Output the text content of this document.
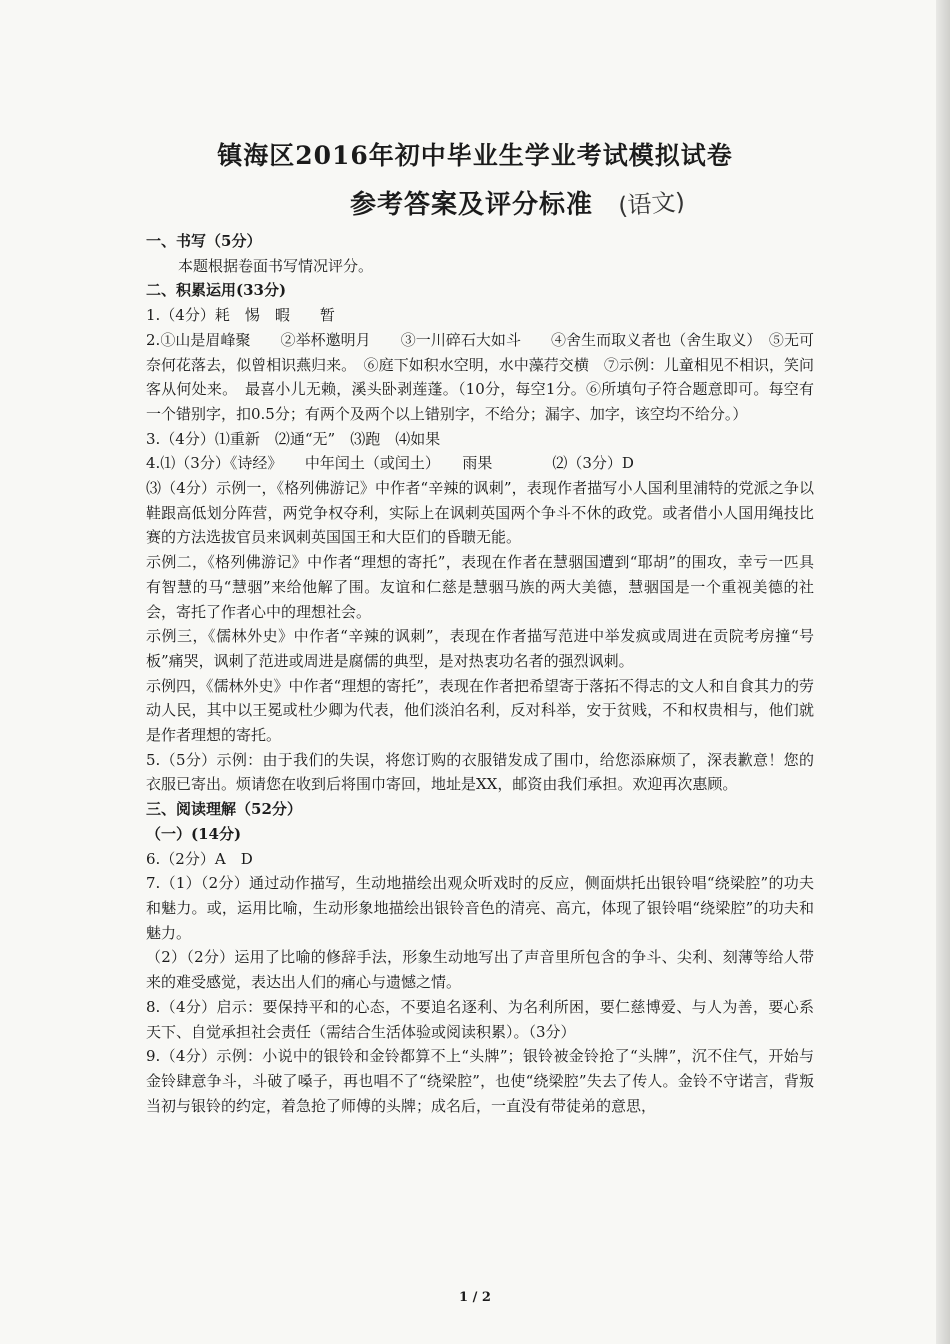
镇海区2016年初中毕业生学业考试模拟试卷
参考答案及评分标准 (语文)

一、书写（5分）

本题根据卷面书写情况评分。

二、积累运用(33分)

1.（4分）耗　惕　暇　　暂

2.①山是眉峰聚　　②举杯邀明月　　③一川碎石大如斗　　④舍生而取义者也（舍生取义）　⑤无可奈何花落去，似曾相识燕归来。　⑥庭下如积水空明，水中藻荇交横　⑦示例：儿童相见不相识，笑问客从何处来。　最喜小儿无赖，溪头卧剥莲蓬。（10分，每空1分。⑥所填句子符合题意即可。每空有一个错别字，扣0.5分；有两个及两个以上错别字，不给分；漏字、加字，该空均不给分。）

3.（4分）⑴重新　⑵通“无”　⑶跑　⑷如果

4.⑴（3分）《诗经》　　中年闰土（或闰土）　　雨果　　　　⑵（3分）D

⑶（4分）示例一，《格列佛游记》中作者“辛辣的讽刺”，表现作者描写小人国利里浦特的党派之争以鞋跟高低划分阵营，两党争权夺利，实际上在讽刺英国两个争斗不休的政党。或者借小人国用绳技比赛的方法选拔官员来讽刺英国国王和大臣们的昏聩无能。

示例二，《格列佛游记》中作者“理想的寄托”，表现在作者在慧骃国遭到“耶胡”的围攻，幸亏一匹具有智慧的马“慧骃”来给他解了围。友谊和仁慈是慧骃马族的两大美德，慧骃国是一个重视美德的社会，寄托了作者心中的理想社会。

示例三，《儒林外史》中作者“辛辣的讽刺”，表现在作者描写范进中举发疯或周进在贡院考房撞“号板”痛哭，讽刺了范进或周进是腐儒的典型，是对热衷功名者的强烈讽刺。

示例四，《儒林外史》中作者“理想的寄托”，表现在作者把希望寄于落拓不得志的文人和自食其力的劳动人民，其中以王冕或杜少卿为代表，他们淡泊名利，反对科举，安于贫贱，不和权贵相与，他们就是作者理想的寄托。

5.（5分）示例：由于我们的失误，将您订购的衣服错发成了围巾，给您添麻烦了，深表歉意！您的衣服已寄出。烦请您在收到后将围巾寄回，地址是XX，邮资由我们承担。欢迎再次惠顾。

三、阅读理解（52分）

（一）(14分)

6.（2分）A　D

7.（1）（2分）通过动作描写，生动地描绘出观众听戏时的反应，侧面烘托出银铃唱“绕梁腔”的功夫和魅力。或，运用比喻，生动形象地描绘出银铃音色的清亮、高亢，体现了银铃唱“绕梁腔”的功夫和魅力。

（2）（2分）运用了比喻的修辞手法，形象生动地写出了声音里所包含的争斗、尖利、刻薄等给人带来的难受感觉，表达出人们的痛心与遗憾之情。

8.（4分）启示：要保持平和的心态，不要追名逐利、为名利所困，要仁慈博爱、与人为善，要心系天下、自觉承担社会责任（需结合生活体验或阅读积累）。（3分）

9.（4分）示例：小说中的银铃和金铃都算不上“头牌”；银铃被金铃抢了“头牌”，沉不住气，开始与金铃肆意争斗，斗破了嗓子，再也唱不了“绕梁腔”，也使“绕梁腔”失去了传人。金铃不守诺言，背叛当初与银铃的约定，着急抢了师傅的头牌；成名后，一直没有带徒弟的意思，

1 / 2
